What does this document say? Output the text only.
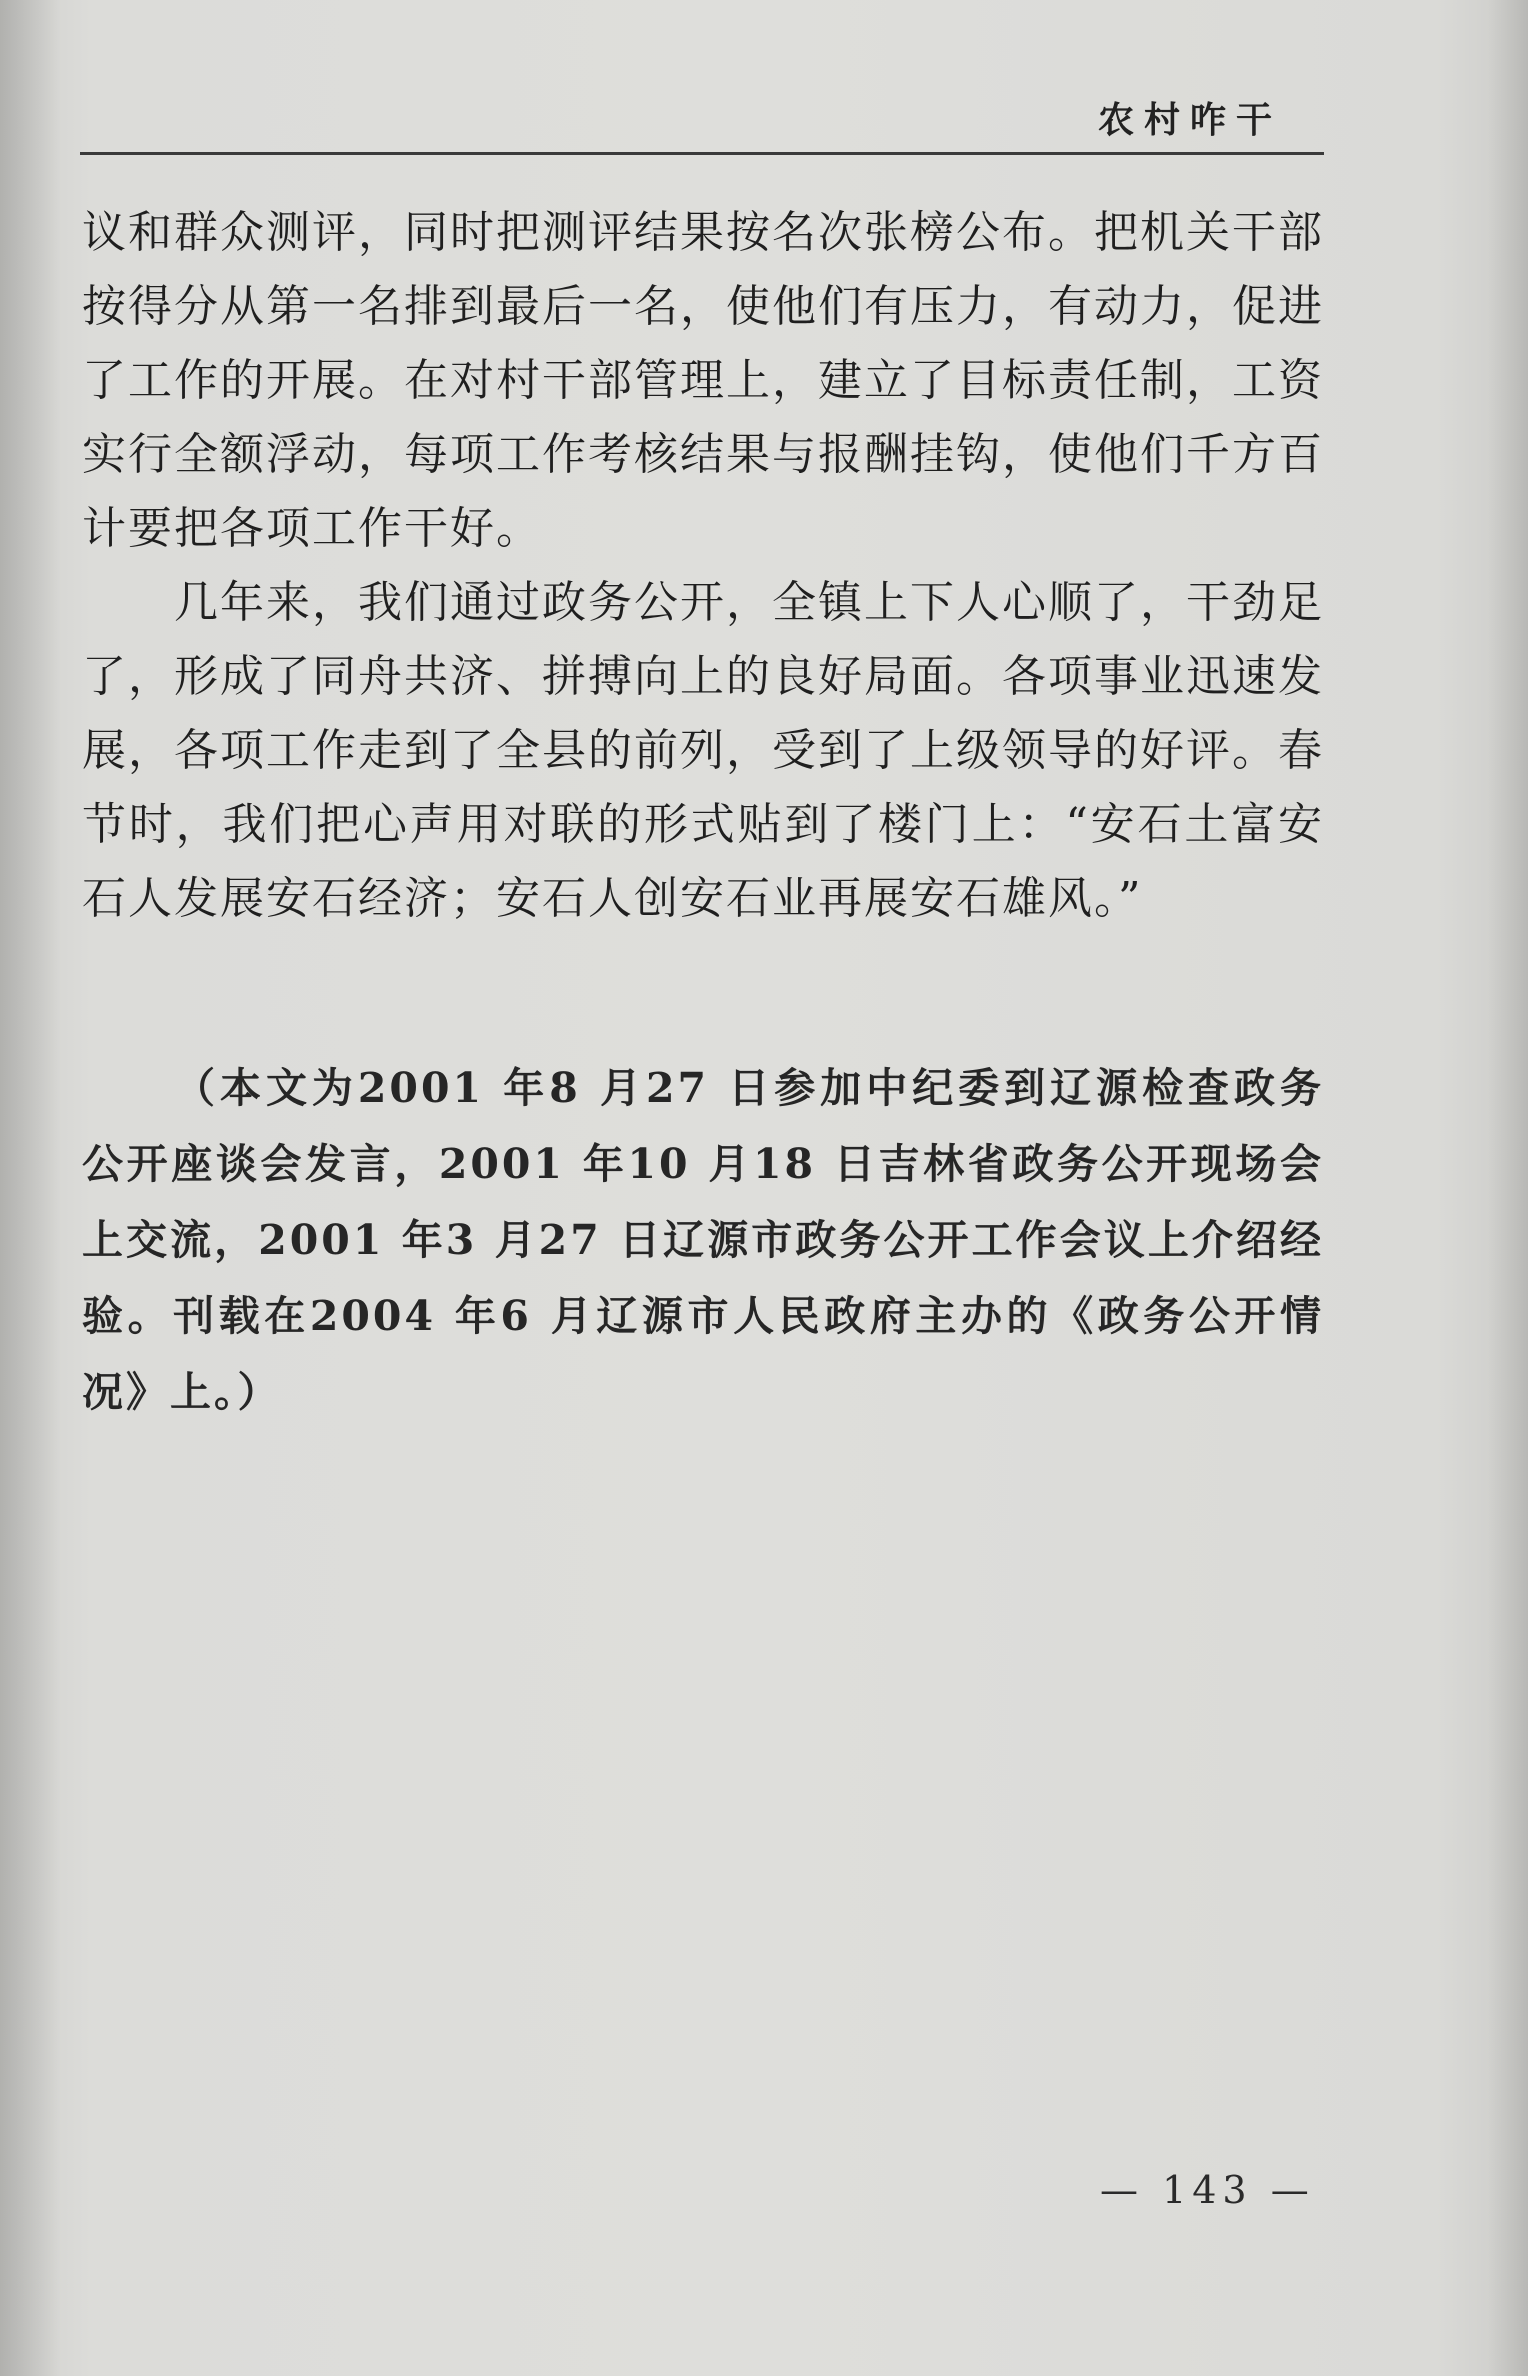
农村咋干

议和群众测评，同时把测评结果按名次张榜公布。把机关干部按得分从第一名排到最后一名，使他们有压力，有动力，促进了工作的开展。在对村干部管理上，建立了目标责任制，工资实行全额浮动，每项工作考核结果与报酬挂钩，使他们千方百计要把各项工作干好。

几年来，我们通过政务公开，全镇上下人心顺了，干劲足了，形成了同舟共济、拼搏向上的良好局面。各项事业迅速发展，各项工作走到了全县的前列，受到了上级领导的好评。春节时，我们把心声用对联的形式贴到了楼门上：“安石土富安石人发展安石经济；安石人创安石业再展安石雄风。”

（本文为2001 年8 月27 日参加中纪委到辽源检查政务公开座谈会发言，2001 年10 月18 日吉林省政务公开现场会上交流，2001 年3 月27 日辽源市政务公开工作会议上介绍经验。刊载在2004 年6 月辽源市人民政府主办的《政务公开情况》上。）

— 143 —
